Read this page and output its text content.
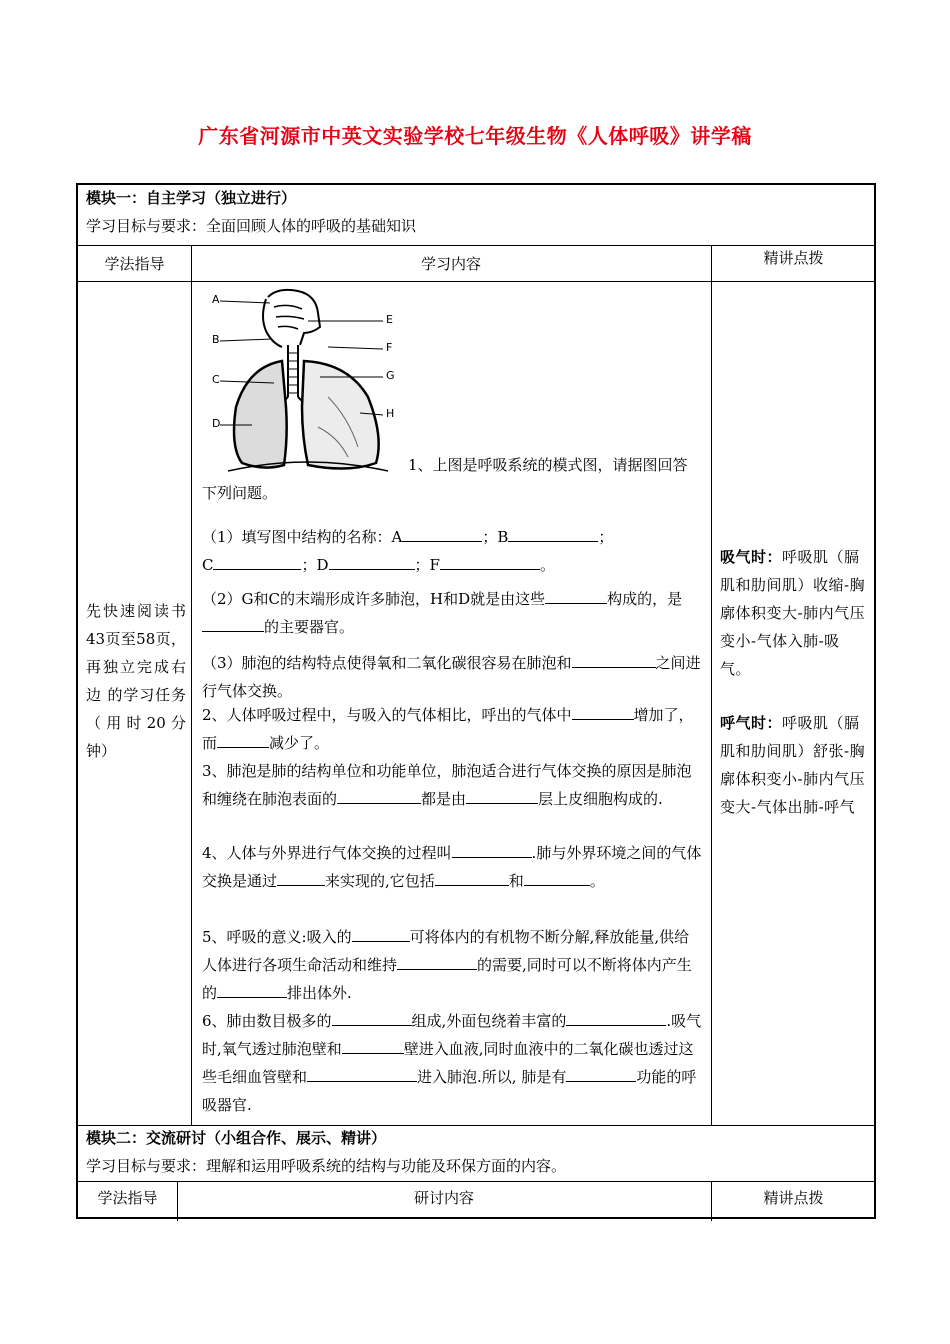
广东省河源市中英文实验学校七年级生物《人体呼吸》讲学稿
模块一：自主学习（独立进行）
学习目标与要求：全面回顾人体的呼吸的基础知识
学法指导	学习内容	精讲点拨
先快速阅读书43页至58页，再独立完成右边 的学习任务（用时20分钟）
A
B
C
D
E
F
G
H
1、上图是呼吸系统的模式图，请据图回答下列问题。
（1）填写图中结构的名称：A	；B	；
C	；D	；F	。
（2）G和C的末端形成许多肺泡，H和D就是由这些	构成的，是的主要器官。
（3）肺泡的结构特点使得氧和二氧化碳很容易在肺泡和	之间进行气体交换。
2、人体呼吸过程中，与吸入的气体相比，呼出的气体中	增加了，而	减少了。
3、肺泡是肺的结构单位和功能单位，肺泡适合进行气体交换的原因是肺泡和缠绕在肺泡表面的	都是由	层上皮细胞构成的.
4、人体与外界进行气体交换的过程叫	.肺与外界环境之间的气体交换是通过	来实现的,它包括	和	。
5、呼吸的意义:吸入的	可将体内的有机物不断分解,释放能量,供给人体进行各项生命活动和维持	的需要,同时可以不断将体内产生的	排出体外.
6、肺由数目极多的	组成,外面包绕着丰富的	.吸气时,氧气透过肺泡壁和	壁进入血液,同时血液中的二氧化碳也透过这些毛细血管壁和	进入肺泡.所以, 肺是有	功能的呼吸器官.
吸气时：呼吸肌（膈肌和肋间肌）收缩-胸廓体积变大-肺内气压变小-气体入肺-吸气。
呼气时：呼吸肌（膈肌和肋间肌）舒张-胸廓体积变小-肺内气压变大-气体出肺-呼气
模块二：交流研讨（小组合作、展示、精讲）
学习目标与要求：理解和运用呼吸系统的结构与功能及环保方面的内容。
学法指导	研讨内容	精讲点拨
